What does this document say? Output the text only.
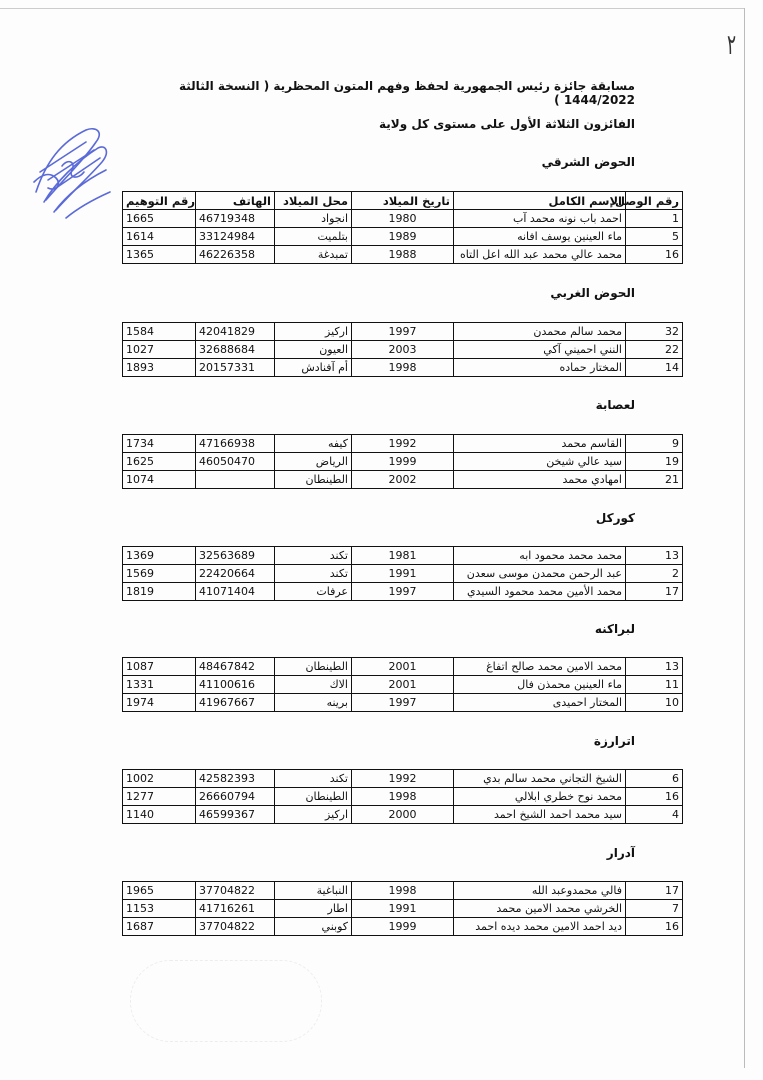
٢
مسابقة جائزة رئيس الجمهورية لحفظ وفهم المتون المحظرية ( النسخة الثالثة 1444/2022 )
الفائزون الثلاثة الأول على مستوى كل ولاية
الحوض الشرقي
رقم الوصل	الإسم الكامل	تاريخ الميلاد	محل الميلاد	الهاتف	رقم التوهيم
1	احمد باب نونه محمد آب	1980	انجواد	46719348	1665
5	ماء العينين يوسف افانه	1989	بتلميت	33124984	1614
16	محمد عالي محمد عبد الله اعل التاه	1988	تمبدغة	46226358	1365
الحوض الغربي
32	محمد سالم محمدن	1997	اركيز	42041829	1584
22	النني احميني آكي	2003	العيون	32688684	1027
14	المختار حماده	1998	أم آفنادش	20157331	1893
لعصابة
9	القاسم محمد	1992	كيفه	47166938	1734
19	سيد عالي شيخن	1999	الرياض	46050470	1625
21	امهادي محمد	2002	الطينطان		1074
كوركل
13	محمد محمد محمود ابه	1981	تكند	32563689	1369
2	عبد الرحمن محمدن موسى سعدن	1991	تكند	22420664	1569
17	محمد الأمين محمد محمود السيدي	1997	عرفات	41071404	1819
لبراكنه
13	محمد الامين محمد صالح اتفاغ	2001	الطينطان	48467842	1087
11	ماء العينين محمذن فال	2001	الاك	41100616	1331
10	المختار احميدى	1997	برينه	41967667	1974
اترارزة
6	الشيخ التجاني محمد سالم بدي	1992	تكند	42582393	1002
16	محمد نوح خطري ابلالي	1998	الطينطان	26660794	1277
4	سيد محمد احمد الشيخ احمد	2000	اركيز	46599367	1140
آدرار
17	فالي محمدوعبد الله	1998	النباغية	37704822	1965
7	الخرشي محمد الامين محمد	1991	اطار	41716261	1153
16	ديد احمد الامين محمد ديده احمد	1999	كوبني	37704822	1687
